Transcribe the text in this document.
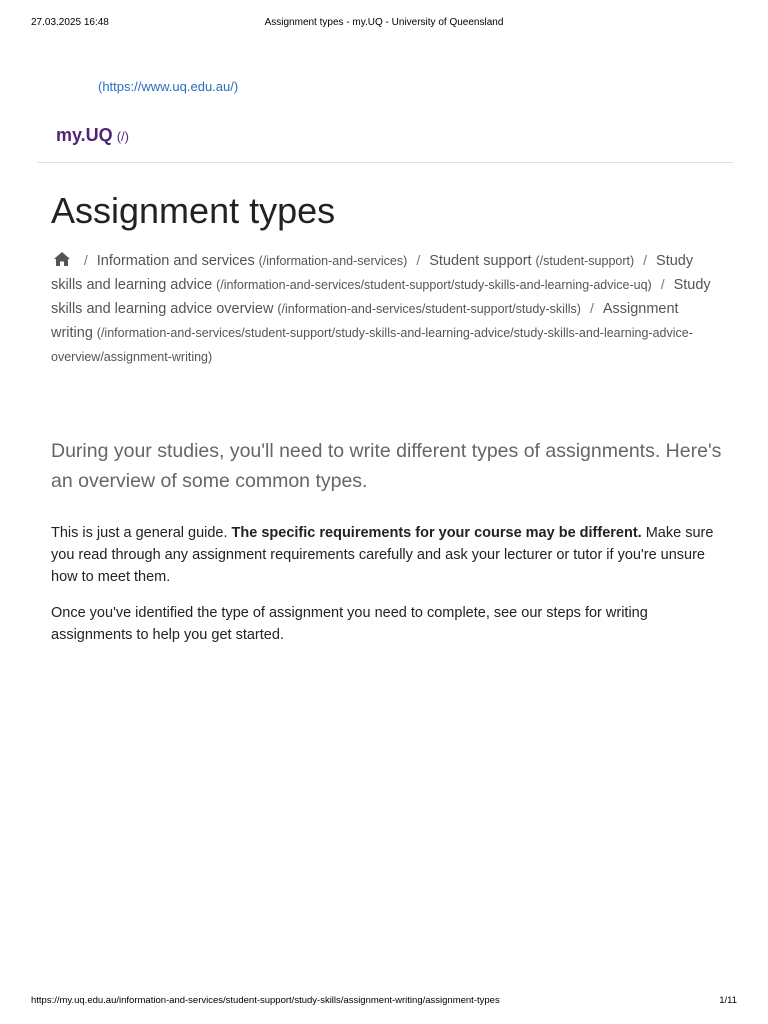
27.03.2025 16:48	Assignment types - my.UQ - University of Queensland
(https://www.uq.edu.au/)
my.UQ (/)
Assignment types
/ Information and services (/information-and-services) / Student support (/student-support) / Study skills and learning advice (/information-and-services/student-support/study-skills-and-learning-advice-uq) / Study skills and learning advice overview (/information-and-services/student-support/study-skills) / Assignment writing (/information-and-services/student-support/study-skills-and-learning-advice/study-skills-and-learning-advice-overview/assignment-writing)

During your studies, you'll need to write different types of assignments. Here's an overview of some common types.

This is just a general guide. The specific requirements for your course may be different. Make sure you read through any assignment requirements carefully and ask your lecturer or tutor if you're unsure how to meet them.

Once you've identified the type of assignment you need to complete, see our steps for writing assignments to help you get started.

https://my.uq.edu.au/information-and-services/student-support/study-skills/assignment-writing/assignment-types	1/11
